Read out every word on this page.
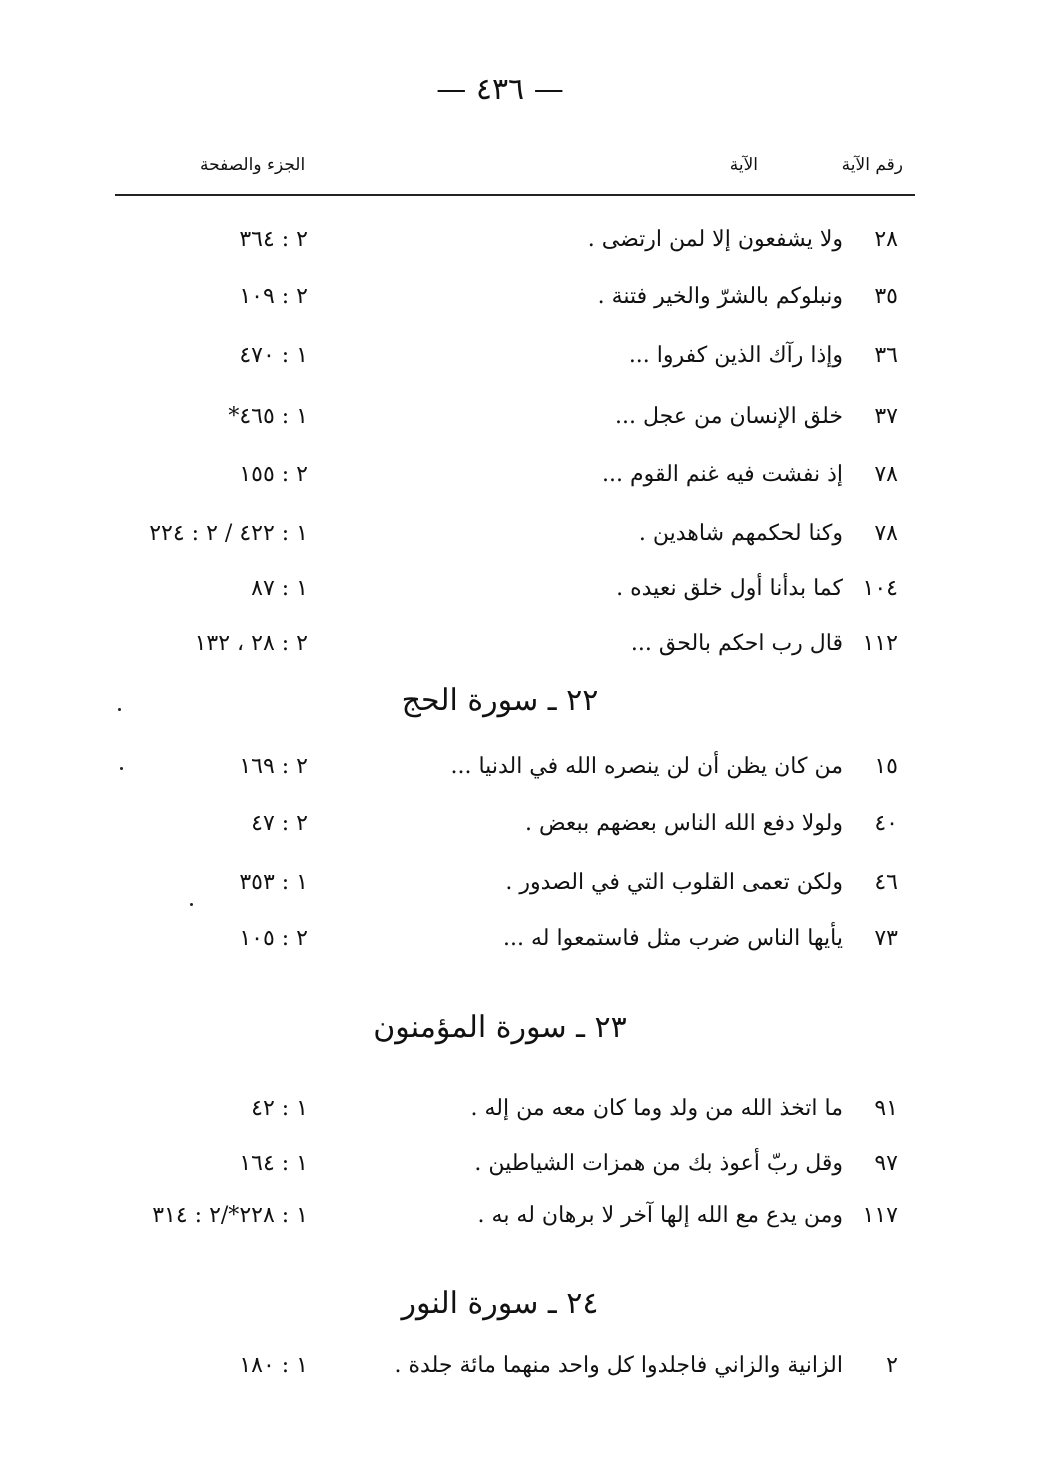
— ٤٣٦ —
رقم الآية
الآية
الجزء والصفحة
٢٨
ولا يشفعون إلا لمن ارتضى .
٢ : ٣٦٤
٣٥
ونبلوكم بالشرّ والخير فتنة .
٢ : ١٠٩
٣٦
وإذا رآك الذين كفروا ...
١ : ٤٧٠
٣٧
خلق الإنسان من عجل ...
١ : ٤٦٥*
٧٨
إذ نفشت فيه غنم القوم ...
٢ : ١٥٥
٧٨
وكنا لحكمهم شاهدين .
١ : ٤٢٢ / ٢ : ٢٢٤
١٠٤
كما بدأنا أول خلق نعيده .
١ : ٨٧
١١٢
قال رب احكم بالحق ...
٢ : ٢٨ ، ١٣٢
٢٢ ـ سورة الحج
١٥
من كان يظن أن لن ينصره الله في الدنيا ...
٢ : ١٦٩
٤٠
ولولا دفع الله الناس بعضهم ببعض .
٢ : ٤٧
٤٦
ولكن تعمى القلوب التي في الصدور .
١ : ٣٥٣
٧٣
يأيها الناس ضرب مثل فاستمعوا له ...
٢ : ١٠٥
٢٣ ـ سورة المؤمنون
٩١
ما اتخذ الله من ولد وما كان معه من إله .
١ : ٤٢
٩٧
وقل ربّ أعوذ بك من همزات الشياطين .
١ : ١٦٤
١١٧
ومن يدع مع الله إلها آخر لا برهان له به .
١ : ٢٢٨*/٢ : ٣١٤
٢٤ ـ سورة النور
٢
الزانية والزاني فاجلدوا كل واحد منهما مائة جلدة .
١ : ١٨٠
